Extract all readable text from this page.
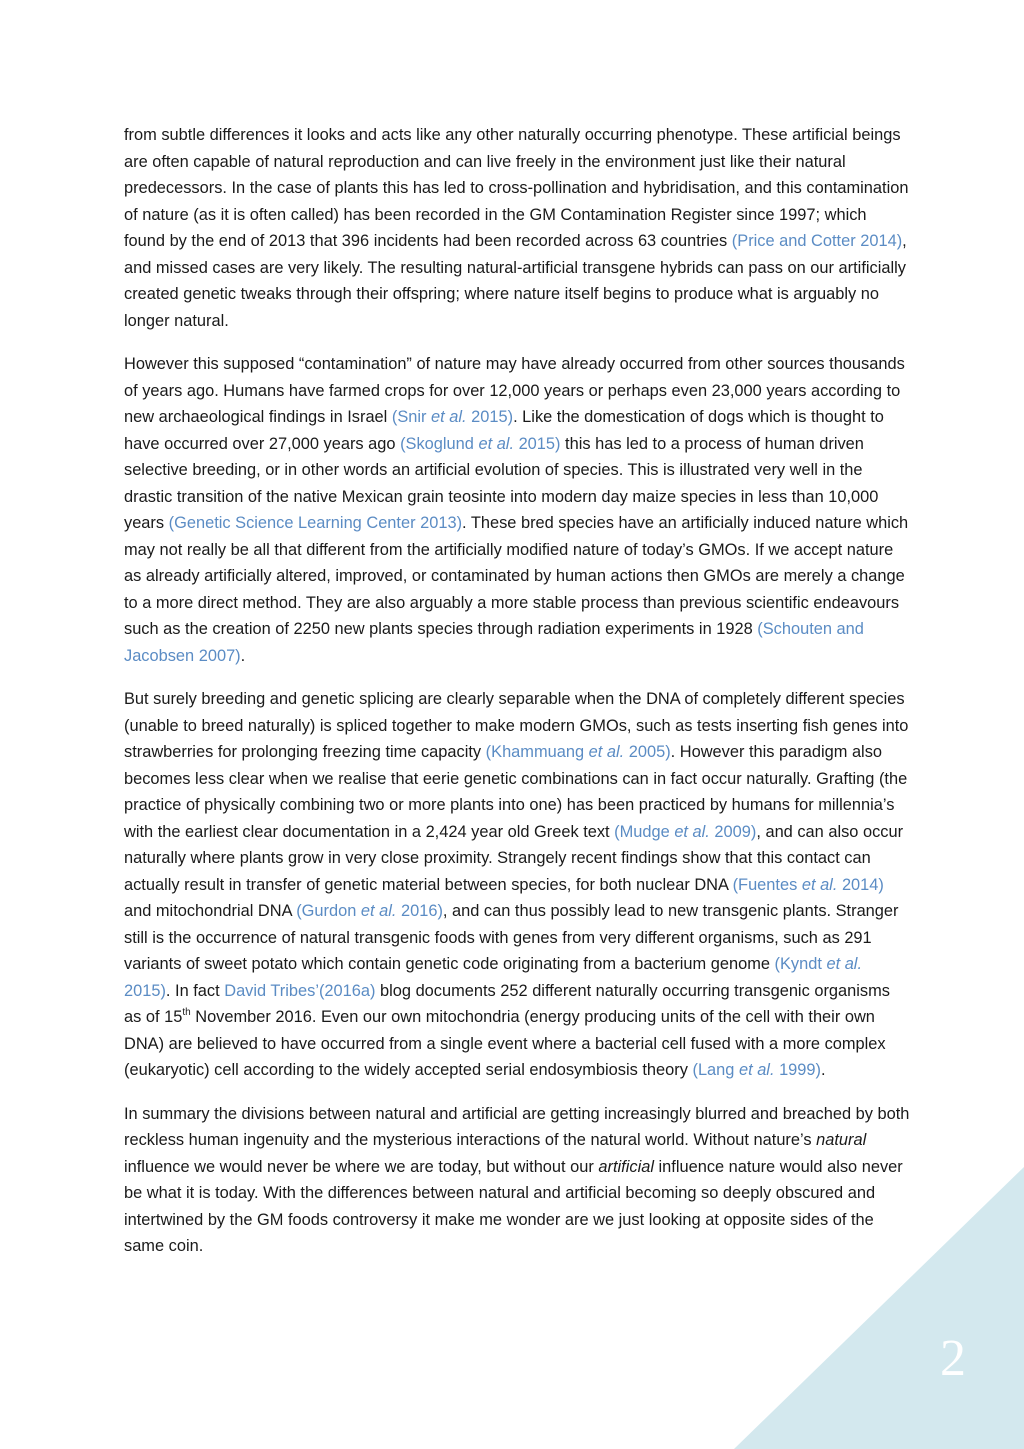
from subtle differences it looks and acts like any other naturally occurring phenotype. These artificial beings are often capable of natural reproduction and can live freely in the environment just like their natural predecessors. In the case of plants this has led to cross-pollination and hybridisation, and this contamination of nature (as it is often called) has been recorded in the GM Contamination Register since 1997; which found by the end of 2013 that 396 incidents had been recorded across 63 countries (Price and Cotter 2014), and missed cases are very likely. The resulting natural-artificial transgene hybrids can pass on our artificially created genetic tweaks through their offspring; where nature itself begins to produce what is arguably no longer natural.

However this supposed “contamination” of nature may have already occurred from other sources thousands of years ago. Humans have farmed crops for over 12,000 years or perhaps even 23,000 years according to new archaeological findings in Israel (Snir et al. 2015). Like the domestication of dogs which is thought to have occurred over 27,000 years ago (Skoglund et al. 2015) this has led to a process of human driven selective breeding, or in other words an artificial evolution of species. This is illustrated very well in the drastic transition of the native Mexican grain teosinte into modern day maize species in less than 10,000 years (Genetic Science Learning Center 2013). These bred species have an artificially induced nature which may not really be all that different from the artificially modified nature of today’s GMOs. If we accept nature as already artificially altered, improved, or contaminated by human actions then GMOs are merely a change to a more direct method. They are also arguably a more stable process than previous scientific endeavours such as the creation of 2250 new plants species through radiation experiments in 1928 (Schouten and Jacobsen 2007).

But surely breeding and genetic splicing are clearly separable when the DNA of completely different species (unable to breed naturally) is spliced together to make modern GMOs, such as tests inserting fish genes into strawberries for prolonging freezing time capacity (Khammuang et al. 2005). However this paradigm also becomes less clear when we realise that eerie genetic combinations can in fact occur naturally. Grafting (the practice of physically combining two or more plants into one) has been practiced by humans for millennia’s with the earliest clear documentation in a 2,424 year old Greek text (Mudge et al. 2009), and can also occur naturally where plants grow in very close proximity. Strangely recent findings show that this contact can actually result in transfer of genetic material between species, for both nuclear DNA (Fuentes et al. 2014) and mitochondrial DNA (Gurdon et al. 2016), and can thus possibly lead to new transgenic plants. Stranger still is the occurrence of natural transgenic foods with genes from very different organisms, such as 291 variants of sweet potato which contain genetic code originating from a bacterium genome (Kyndt et al. 2015). In fact David Tribes’(2016a) blog documents 252 different naturally occurring transgenic organisms as of 15th November 2016. Even our own mitochondria (energy producing units of the cell with their own DNA) are believed to have occurred from a single event where a bacterial cell fused with a more complex (eukaryotic) cell according to the widely accepted serial endosymbiosis theory (Lang et al. 1999).

In summary the divisions between natural and artificial are getting increasingly blurred and breached by both reckless human ingenuity and the mysterious interactions of the natural world. Without nature’s natural influence we would never be where we are today, but without our artificial influence nature would also never be what it is today. With the differences between natural and artificial becoming so deeply obscured and intertwined by the GM foods controversy it make me wonder are we just looking at opposite sides of the same coin.

2
